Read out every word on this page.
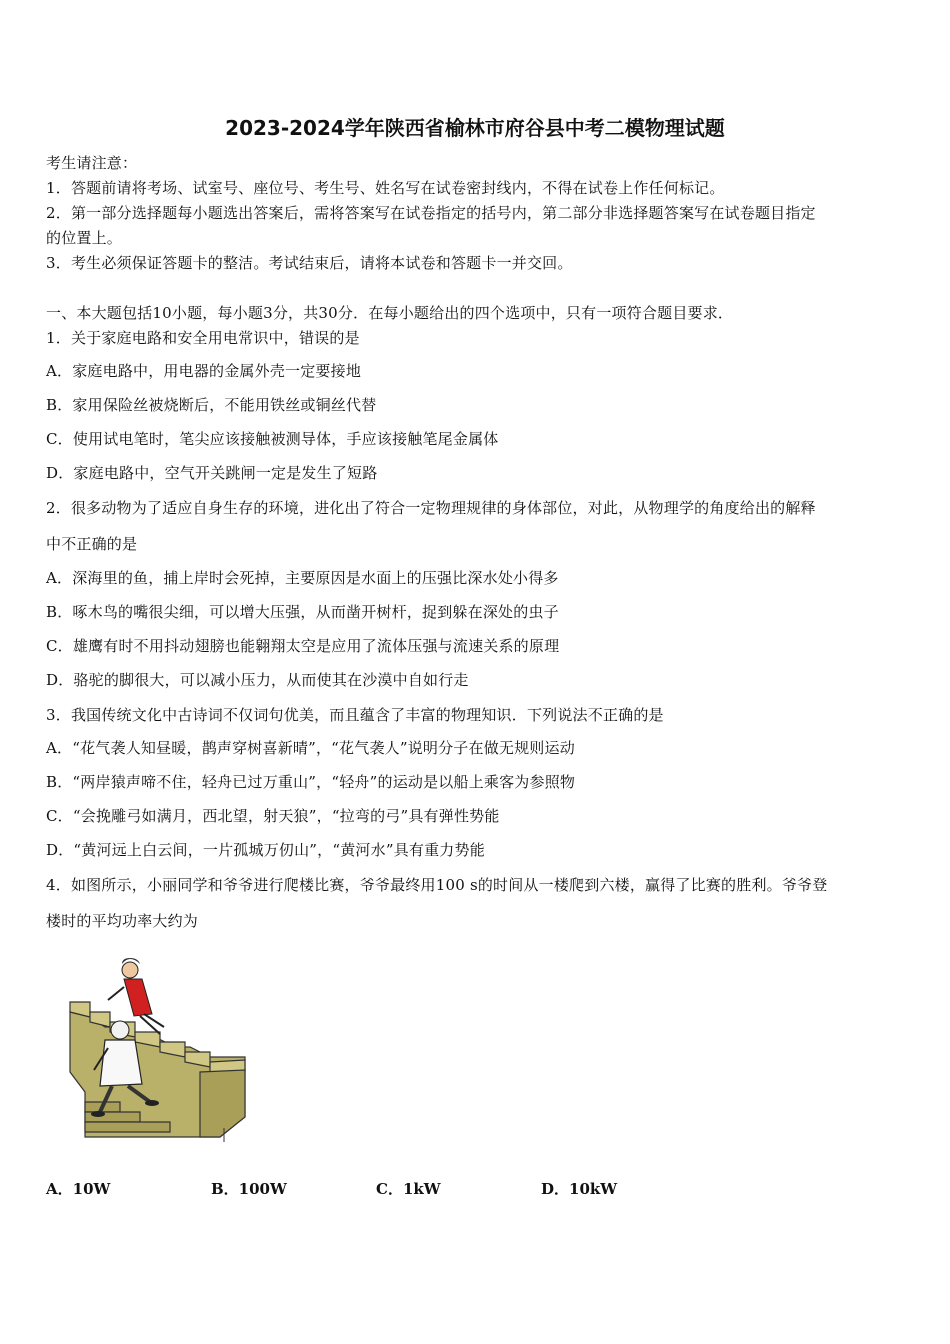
2023-2024学年陕西省榆林市府谷县中考二模物理试题
考生请注意：
1．答题前请将考场、试室号、座位号、考生号、姓名写在试卷密封线内，不得在试卷上作任何标记。
2．第一部分选择题每小题选出答案后，需将答案写在试卷指定的括号内，第二部分非选择题答案写在试卷题目指定
的位置上。
3．考生必须保证答题卡的整洁。考试结束后，请将本试卷和答题卡一并交回。
一、本大题包括10小题，每小题3分，共30分．在每小题给出的四个选项中，只有一项符合题目要求．
1．关于家庭电路和安全用电常识中，错误的是
A．家庭电路中，用电器的金属外壳一定要接地
B．家用保险丝被烧断后，不能用铁丝或铜丝代替
C．使用试电笔时，笔尖应该接触被测导体，手应该接触笔尾金属体
D．家庭电路中，空气开关跳闸一定是发生了短路
2．很多动物为了适应自身生存的环境，进化出了符合一定物理规律的身体部位，对此，从物理学的角度给出的解释
中不正确的是
A．深海里的鱼，捕上岸时会死掉，主要原因是水面上的压强比深水处小得多
B．啄木鸟的嘴很尖细，可以增大压强，从而凿开树杆，捉到躲在深处的虫子
C．雄鹰有时不用抖动翅膀也能翱翔太空是应用了流体压强与流速关系的原理
D．骆驼的脚很大，可以减小压力，从而使其在沙漠中自如行走
3．我国传统文化中古诗词不仅词句优美，而且蕴含了丰富的物理知识．下列说法不正确的是
A．“花气袭人知昼暖，鹊声穿树喜新晴”，“花气袭人”说明分子在做无规则运动
B．“两岸猿声啼不住，轻舟已过万重山”，“轻舟”的运动是以船上乘客为参照物
C．“会挽雕弓如满月，西北望，射天狼”，“拉弯的弓”具有弹性势能
D．“黄河远上白云间，一片孤城万仞山”，“黄河水”具有重力势能
4．如图所示，小丽同学和爷爷进行爬楼比赛，爷爷最终用100 s的时间从一楼爬到六楼，赢得了比赛的胜利。爷爷登
楼时的平均功率大约为
A．10W	B．100W	C．1kW	D．10kW
